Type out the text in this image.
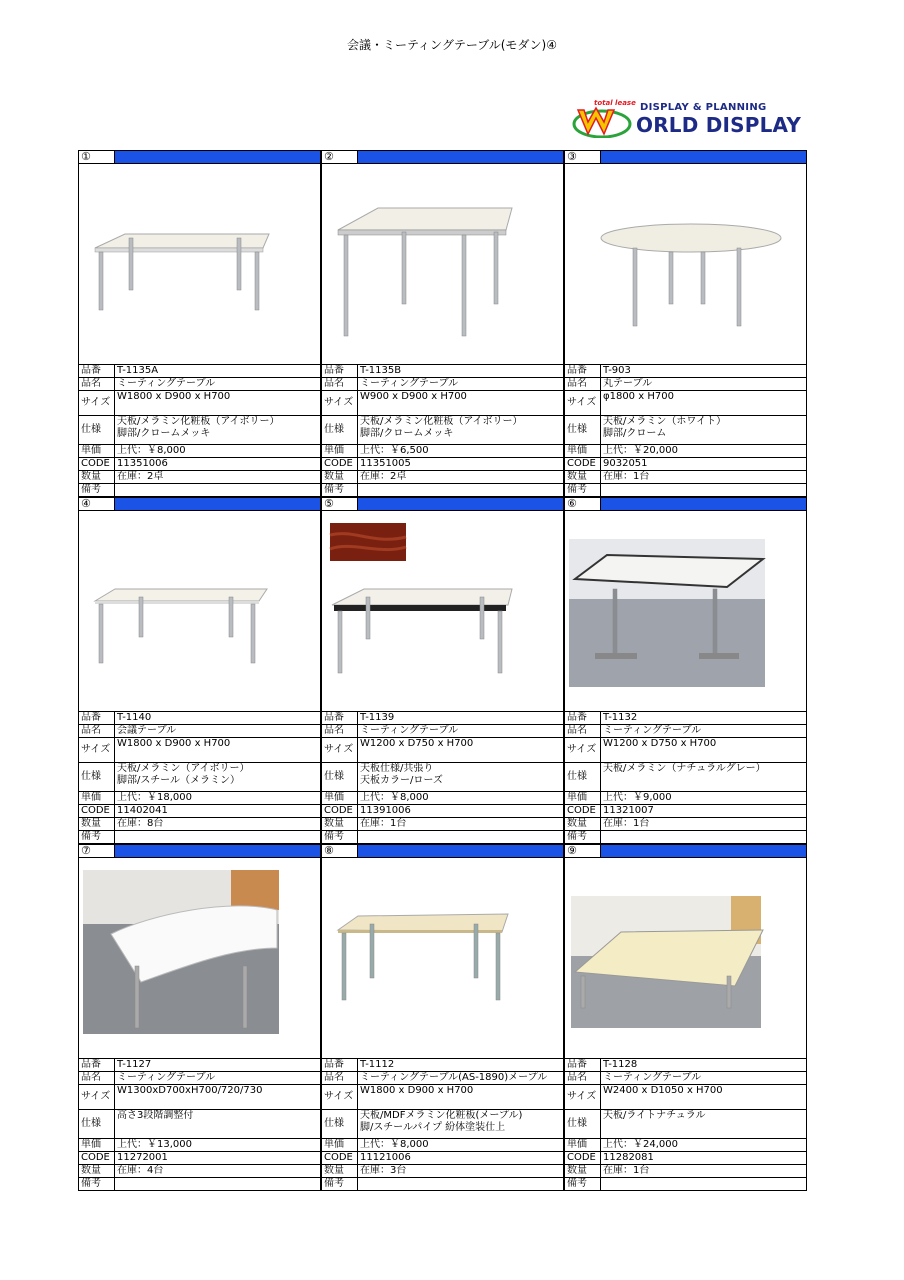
会議・ミーティングテーブル(モダン)④
total lease DISPLAY & PLANNING
ORLD DISPLAY
①	

品番	T-1135A
品名	ミーティングテーブル
サイズ	W1800 x D900 x H700
仕様	天板/メラミン化粧板（アイボリー）
脚部/クロームメッキ

単価	上代：￥8,000
CODE	11351006
数量	在庫：2卓
備考	
②	

品番	T-1135B
品名	ミーティングテーブル
サイズ	W900 x D900 x H700
仕様	天板/メラミン化粧板（アイボリー）
脚部/クロームメッキ

単価	上代：￥6,500
CODE	11351005
数量	在庫：2卓
備考	
③	

品番	T-903
品名	丸テーブル
サイズ	φ1800 x H700
仕様	天板/メラミン（ホワイト）
脚部/クローム

単価	上代：￥20,000
CODE	9032051
数量	在庫：1台
備考	
④	

品番	T-1140
品名	会議テーブル
サイズ	W1800 x D900 x H700
仕様	天板/メラミン（アイボリー）
脚部/スチール（メラミン）

単価	上代：￥18,000
CODE	11402041
数量	在庫：8台
備考	
⑤	

品番	T-1139
品名	ミーティングテーブル
サイズ	W1200 x D750 x H700
仕様	天板仕様/共張り
天板カラー/ローズ

単価	上代：￥8,000
CODE	11391006
数量	在庫：1台
備考	
⑥	

品番	T-1132
品名	ミーティングテーブル
サイズ	W1200 x D750 x H700
仕様	天板/メラミン（ナチュラルグレー）

単価	上代：￥9,000
CODE	11321007
数量	在庫：1台
備考	
⑦	

品番	T-1127
品名	ミーティングテーブル
サイズ	W1300xD700xH700/720/730
仕様	高さ3段階調整付

単価	上代：￥13,000
CODE	11272001
数量	在庫：4台
備考	
⑧	

品番	T-1112
品名	ミーティングテーブル(AS-1890)メープル
サイズ	W1800 x D900 x H700
仕様	天板/MDFメラミン化粧板(メープル)
脚/スチールパイプ 紛体塗装仕上

単価	上代：￥8,000
CODE	11121006
数量	在庫：3台
備考	
⑨	

品番	T-1128
品名	ミーティングテーブル
サイズ	W2400 x D1050 x H700
仕様	天板/ライトナチュラル

単価	上代：￥24,000
CODE	11282081
数量	在庫：1台
備考	
